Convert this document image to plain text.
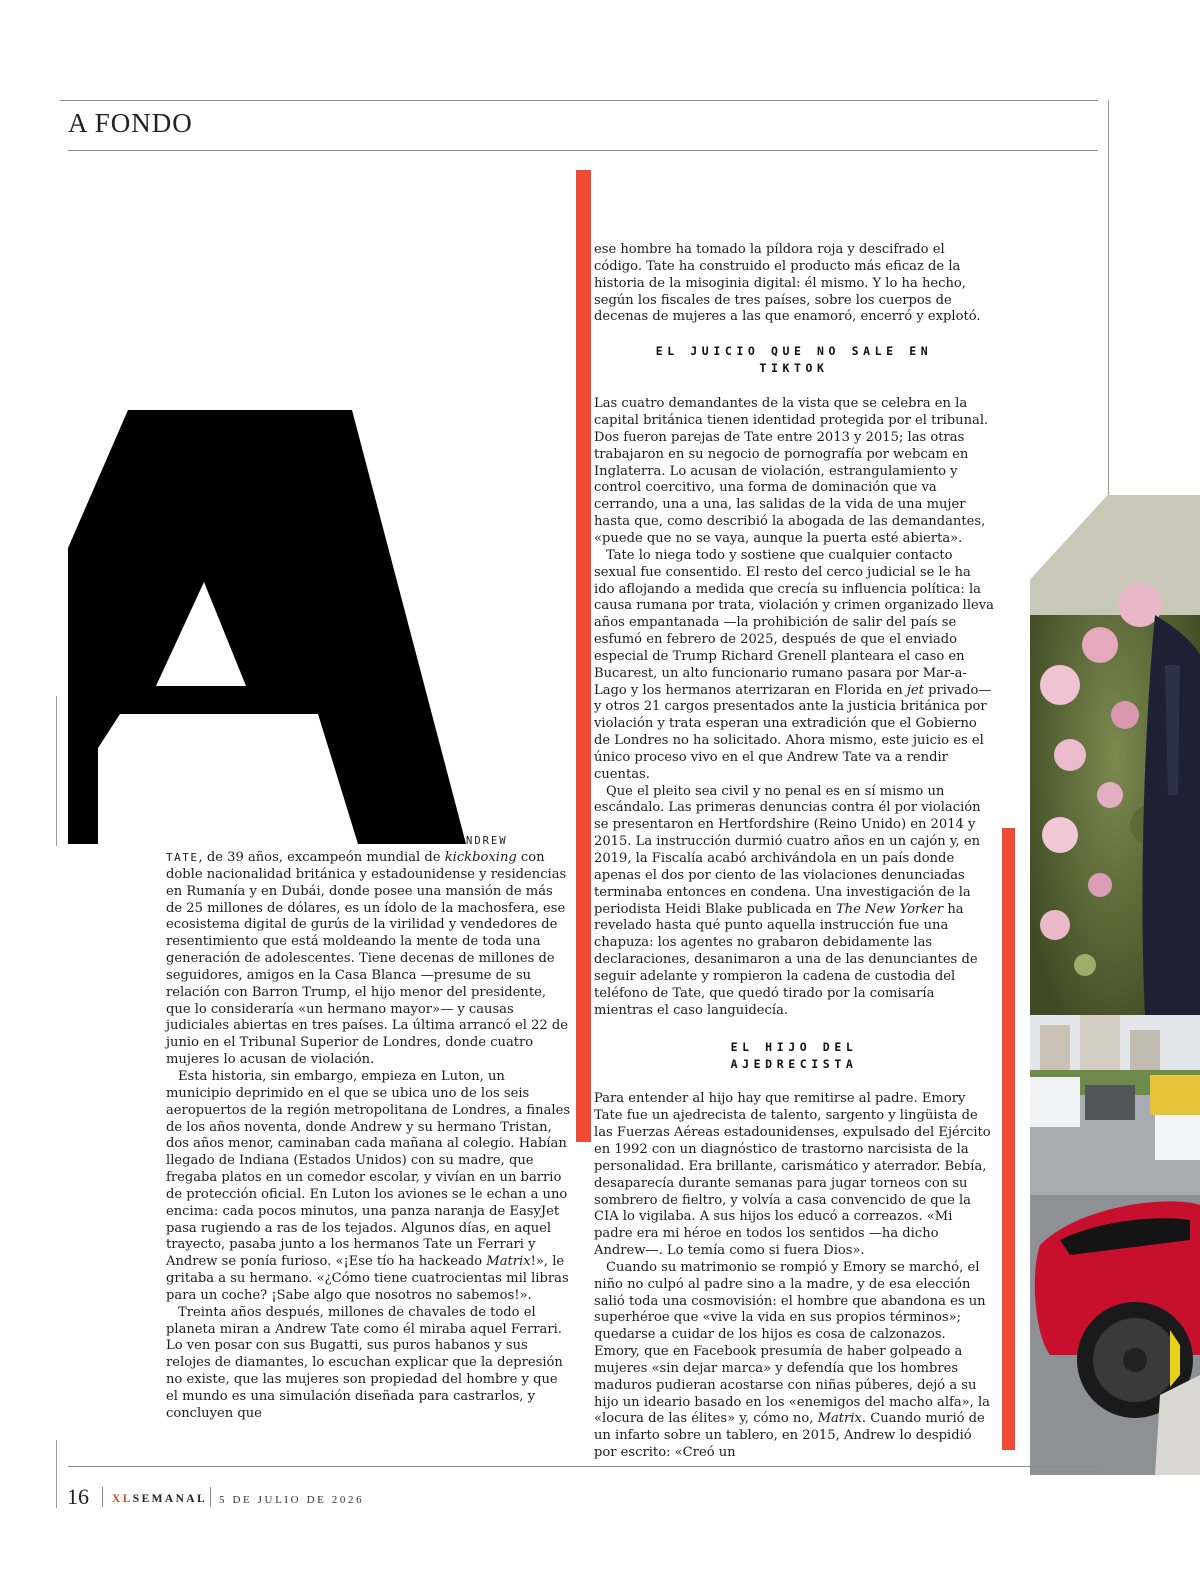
A FONDO
NDREW

TATE, de 39 años, excampeón mundial de kickboxing con doble nacionalidad británica y estadounidense y residencias en Rumanía y en Dubái, donde posee una mansión de más de 25 millones de dólares, es un ídolo de la machosfera, ese ecosistema digital de gurús de la virilidad y vendedores de resentimiento que está moldeando la mente de toda una generación de adolescentes. Tiene decenas de millones de seguidores, amigos en la Casa Blanca —presume de su relación con Barron Trump, el hijo menor del presidente, que lo consideraría «un hermano mayor»— y causas judiciales abiertas en tres países. La última arrancó el 22 de junio en el Tribunal Superior de Londres, donde cuatro mujeres lo acusan de violación.

Esta historia, sin embargo, empieza en Luton, un municipio deprimido en el que se ubica uno de los seis aeropuertos de la región metropolitana de Londres, a finales de los años noventa, donde Andrew y su hermano Tristan, dos años menor, caminaban cada mañana al colegio. Habían llegado de Indiana (Estados Unidos) con su madre, que fregaba platos en un comedor escolar, y vivían en un barrio de protección oficial. En Luton los aviones se le echan a uno encima: cada pocos minutos, una panza naranja de EasyJet pasa rugiendo a ras de los tejados. Algunos días, en aquel trayecto, pasaba junto a los hermanos Tate un Ferrari y Andrew se ponía furioso. «¡Ese tío ha hackeado Matrix!», le gritaba a su hermano. «¿Cómo tiene cuatrocientas mil libras para un coche? ¡Sabe algo que nosotros no sabemos!».

Treinta años después, millones de chavales de todo el planeta miran a Andrew Tate como él miraba aquel Ferrari. Lo ven posar con sus Bugatti, sus puros habanos y sus relojes de diamantes, lo escuchan explicar que la depresión no existe, que las mujeres son propiedad del hombre y que el mundo es una simulación diseñada para castrarlos, y concluyen que

ese hombre ha tomado la píldora roja y descifrado el código. Tate ha construido el producto más eficaz de la historia de la misoginia digital: él mismo. Y lo ha hecho, según los fiscales de tres países, sobre los cuerpos de decenas de mujeres a las que enamoró, encerró y explotó.

EL JUICIO QUE NO SALE EN TIKTOK

Las cuatro demandantes de la vista que se celebra en la capital británica tienen identidad protegida por el tribunal. Dos fueron parejas de Tate entre 2013 y 2015; las otras trabajaron en su negocio de pornografía por webcam en Inglaterra. Lo acusan de violación, estrangulamiento y control coercitivo, una forma de dominación que va cerrando, una a una, las salidas de la vida de una mujer hasta que, como describió la abogada de las demandantes, «puede que no se vaya, aunque la puerta esté abierta».

Tate lo niega todo y sostiene que cualquier contacto sexual fue consentido. El resto del cerco judicial se le ha ido aflojando a medida que crecía su influencia política: la causa rumana por trata, violación y crimen organizado lleva años empantanada —la prohibición de salir del país se esfumó en febrero de 2025, después de que el enviado especial de Trump Richard Grenell planteara el caso en Bucarest, un alto funcionario rumano pasara por Mar-a-Lago y los hermanos aterrizaran en Florida en jet privado— y otros 21 cargos presentados ante la justicia británica por violación y trata esperan una extradición que el Gobierno de Londres no ha solicitado. Ahora mismo, este juicio es el único proceso vivo en el que Andrew Tate va a rendir cuentas.

Que el pleito sea civil y no penal es en sí mismo un escándalo. Las primeras denuncias contra él por violación se presentaron en Hertfordshire (Reino Unido) en 2014 y 2015. La instrucción durmió cuatro años en un cajón y, en 2019, la Fiscalía acabó archivándola en un país donde apenas el dos por ciento de las violaciones denunciadas terminaba entonces en condena. Una investigación de la periodista Heidi Blake publicada en The New Yorker ha revelado hasta qué punto aquella instrucción fue una chapuza: los agentes no grabaron debidamente las declaraciones, desanimaron a una de las denunciantes de seguir adelante y rompieron la cadena de custodia del teléfono de Tate, que quedó tirado por la comisaría mientras el caso languidecía.

EL HIJO DEL AJEDRECISTA

Para entender al hijo hay que remitirse al padre. Emory Tate fue un ajedrecista de talento, sargento y lingüista de las Fuerzas Aéreas estadounidenses, expulsado del Ejército en 1992 con un diagnóstico de trastorno narcisista de la personalidad. Era brillante, carismático y aterrador. Bebía, desaparecía durante semanas para jugar torneos con su sombrero de fieltro, y volvía a casa convencido de que la CIA lo vigilaba. A sus hijos los educó a correazos. «Mi padre era mi héroe en todos los sentidos —ha dicho Andrew—. Lo temía como si fuera Dios».

Cuando su matrimonio se rompió y Emory se marchó, el niño no culpó al padre sino a la madre, y de esa elección salió toda una cosmovisión: el hombre que abandona es un superhéroe que «vive la vida en sus propios términos»; quedarse a cuidar de los hijos es cosa de calzonazos. Emory, que en Facebook presumía de haber golpeado a mujeres «sin dejar marca» y defendía que los hombres maduros pudieran acostarse con niñas púberes, dejó a su hijo un ideario basado en los «enemigos del macho alfa», la «locura de las élites» y, cómo no, Matrix. Cuando murió de un infarto sobre un tablero, en 2015, Andrew lo despidió por escrito: «Creó un

16 XLSEMANAL 5 DE JULIO DE 2026
